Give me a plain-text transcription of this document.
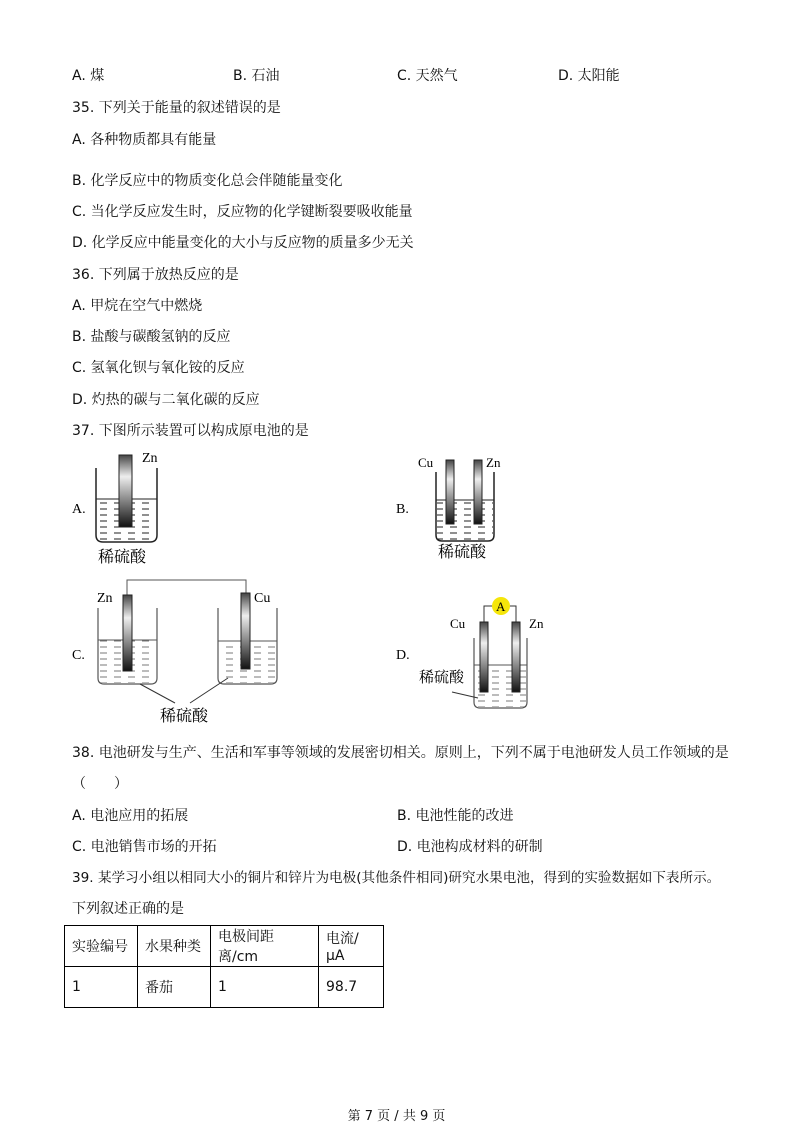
A. 煤	B. 石油	C. 天然气	D. 太阳能
35. 下列关于能量的叙述错误的是
A. 各种物质都具有能量
B. 化学反应中的物质变化总会伴随能量变化
C. 当化学反应发生时，反应物的化学键断裂要吸收能量
D. 化学反应中能量变化的大小与反应物的质量多少无关
36. 下列属于放热反应的是
A. 甲烷在空气中燃烧
B. 盐酸与碳酸氢钠的反应
C. 氢氧化钡与氧化铵的反应
D. 灼热的碳与二氧化碳的反应
37. 下图所示装置可以构成原电池的是
A.
Zn
稀硫酸
B.
Cu	Zn
稀硫酸
C.
Zn	Cu
稀硫酸
D.
A
Cu	Zn
稀硫酸
38. 电池研发与生产、生活和军事等领域的发展密切相关。原则上，下列不属于电池研发人员工作领域的是
（　　）
A. 电池应用的拓展	B. 电池性能的改进
C. 电池销售市场的开拓	D. 电池构成材料的研制
39. 某学习小组以相同大小的铜片和锌片为电极(其他条件相同)研究水果电池，得到的实验数据如下表所示。
下列叙述正确的是
实验编号	水果种类	电极间距离/cm	电流/μA
1	番茄	1	98.7
第 7 页 / 共 9 页
